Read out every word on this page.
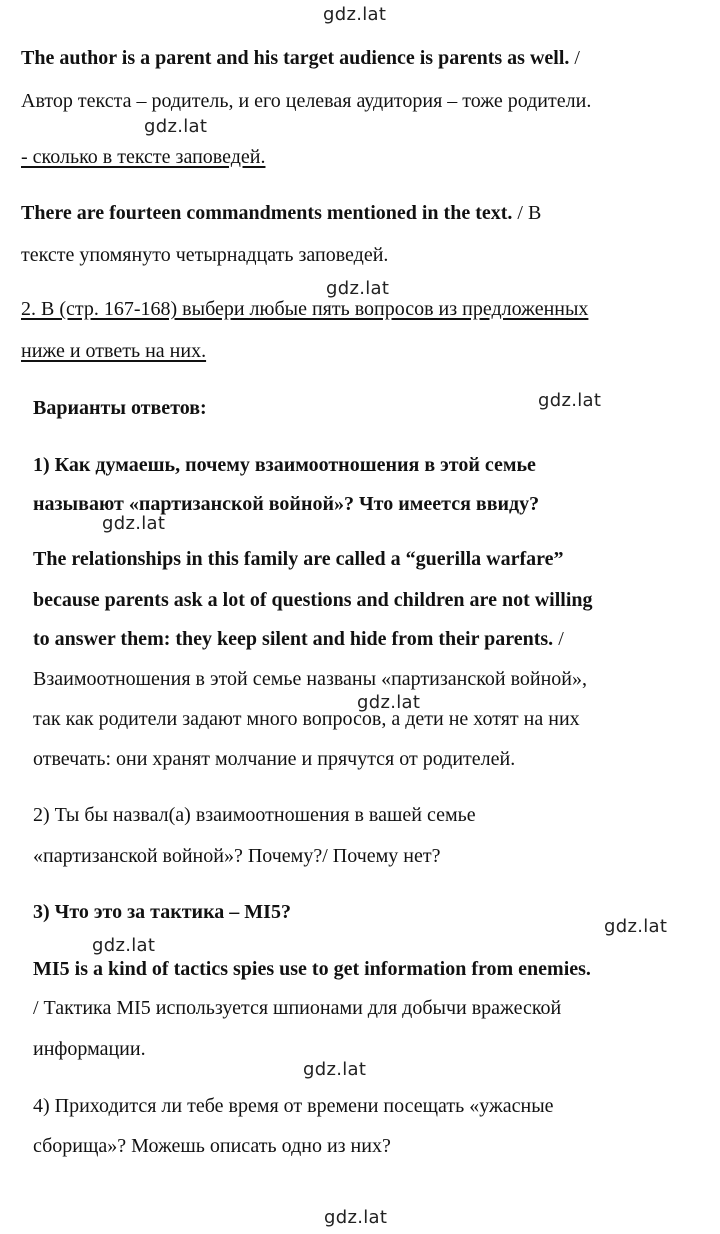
gdz.lat
gdz.lat
gdz.lat
gdz.lat
gdz.lat
gdz.lat
gdz.lat
gdz.lat
gdz.lat
gdz.lat
The author is a parent and his target audience is parents as well. /
Автор текста – родитель, и его целевая аудитория – тоже родители.
- сколько в тексте заповедей.
There are fourteen commandments mentioned in the text. / В
тексте упомянуто четырнадцать заповедей.
2. В (стр. 167-168) выбери любые пять вопросов из предложенных
ниже и ответь на них.
Варианты ответов:
1) Как думаешь, почему взаимоотношения в этой семье
называют «партизанской войной»? Что имеется ввиду?
The relationships in this family are called a “guerilla warfare”
because parents ask a lot of questions and children are not willing
to answer them: they keep silent and hide from their parents. /
Взаимоотношения в этой семье названы «партизанской войной»,
так как родители задают много вопросов, а дети не хотят на них
отвечать: они хранят молчание и прячутся от родителей.
2) Ты бы назвал(а) взаимоотношения в вашей семье
«партизанской войной»? Почему?/ Почему нет?
3) Что это за тактика – MI5?
MI5 is a kind of tactics spies use to get information from enemies.
/ Тактика MI5 используется шпионами для добычи вражеской
информации.
4) Приходится ли тебе время от времени посещать «ужасные
сборища»? Можешь описать одно из них?
